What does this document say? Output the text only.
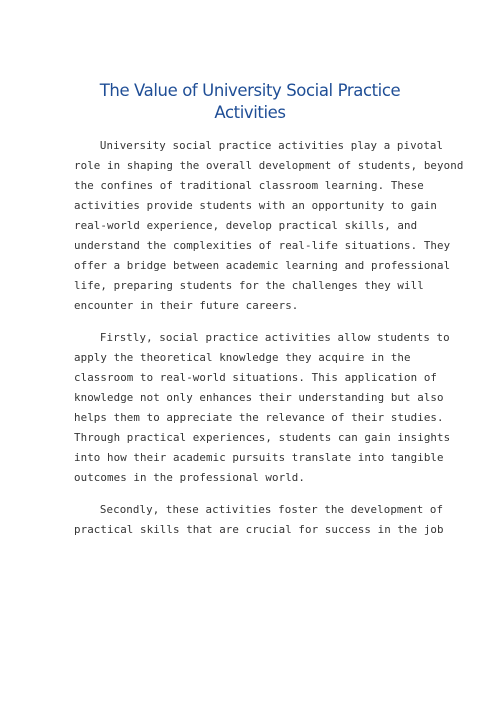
The Value of University Social Practice
Activities

University social practice activities play a pivotal
role in shaping the overall development of students, beyond
the confines of traditional classroom learning. These
activities provide students with an opportunity to gain
real-world experience, develop practical skills, and
understand the complexities of real-life situations. They
offer a bridge between academic learning and professional
life, preparing students for the challenges they will
encounter in their future careers.

Firstly, social practice activities allow students to
apply the theoretical knowledge they acquire in the
classroom to real-world situations. This application of
knowledge not only enhances their understanding but also
helps them to appreciate the relevance of their studies.
Through practical experiences, students can gain insights
into how their academic pursuits translate into tangible
outcomes in the professional world.

Secondly, these activities foster the development of
practical skills that are crucial for success in the job
